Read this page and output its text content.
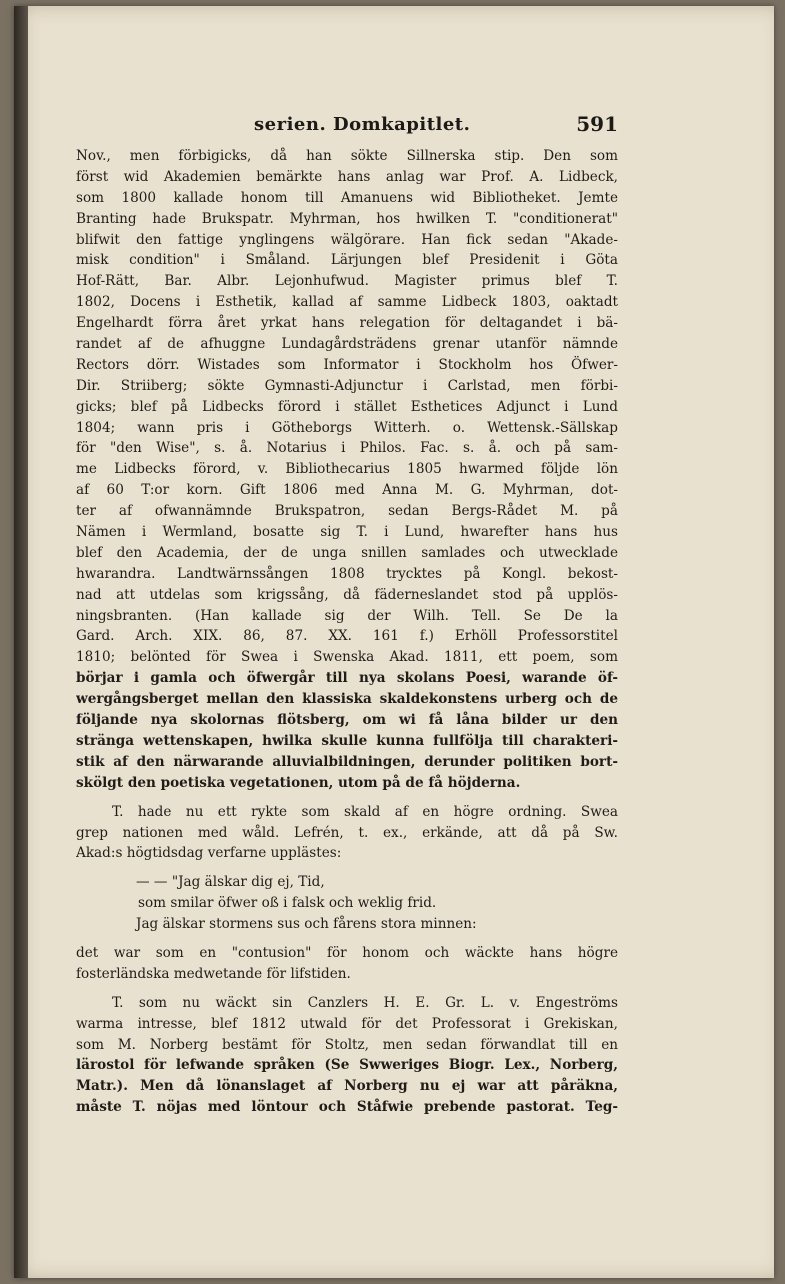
serien. Domkapitlet.	591
Nov., men förbigicks, då han sökte Sillnerska stip. Den som
först wid Akademien bemärkte hans anlag war Prof. A. Lidbeck,
som 1800 kallade honom till Amanuens wid Bibliotheket. Jemte
Branting hade Brukspatr. Myhrman, hos hwilken T. "conditionerat"
blifwit den fattige ynglingens wälgörare. Han fick sedan "Akade-
misk condition" i Småland. Lärjungen blef Presidenit i Göta
Hof-Rätt, Bar. Albr. Lejonhufwud. Magister primus blef T.
1802, Docens i Esthetik, kallad af samme Lidbeck 1803, oaktadt
Engelhardt förra året yrkat hans relegation för deltagandet i bä-
randet af de afhuggne Lundagårdsträdens grenar utanför nämnde
Rectors dörr. Wistades som Informator i Stockholm hos Öfwer-
Dir. Striiberg; sökte Gymnasti-Adjunctur i Carlstad, men förbi-
gicks; blef på Lidbecks förord i stället Esthetices Adjunct i Lund
1804; wann pris i Götheborgs Witterh. o. Wettensk.-Sällskap
för "den Wise", s. å. Notarius i Philos. Fac. s. å. och på sam-
me Lidbecks förord, v. Bibliothecarius 1805 hwarmed följde lön
af 60 T:or korn. Gift 1806 med Anna M. G. Myhrman, dot-
ter af ofwannämnde Brukspatron, sedan Bergs-Rådet M. på
Nämen i Wermland, bosatte sig T. i Lund, hwarefter hans hus
blef den Academia, der de unga snillen samlades och utwecklade
hwarandra. Landtwärnssången 1808 trycktes på Kongl. bekost-
nad att utdelas som krigssång, då fäderneslandet stod på upplös-
ningsbranten. (Han kallade sig der Wilh. Tell. Se De la
Gard. Arch. XIX. 86, 87. XX. 161 f.) Erhöll Professorstitel
1810; belönted för Swea i Swenska Akad. 1811, ett poem, som
börjar i gamla och öfwergår till nya skolans Poesi, warande öf-
wergångsberget mellan den klassiska skaldekonstens urberg och de
följande nya skolornas flötsberg, om wi få låna bilder ur den
stränga wettenskapen, hwilka skulle kunna fullfölja till charakteri-
stik af den närwarande alluvialbildningen, derunder politiken bort-
skölgt den poetiska vegetationen, utom på de få höjderna.
T. hade nu ett rykte som skald af en högre ordning. Swea
grep nationen med wåld. Lefrén, t. ex., erkände, att då på Sw.
Akad:s högtidsdag verfarne upplästes:
— — "Jag älskar dig ej, Tid,
som smilar öfwer oß i falsk och weklig frid.
Jag älskar stormens sus och fårens stora minnen:
det war som en "contusion" för honom och wäckte hans högre
fosterländska medwetande för lifstiden.
T. som nu wäckt sin Canzlers H. E. Gr. L. v. Engeströms
warma intresse, blef 1812 utwald för det Professorat i Grekiskan,
som M. Norberg bestämt för Stoltz, men sedan förwandlat till en
lärostol för lefwande språken (Se Swweriges Biogr. Lex., Norberg,
Matr.). Men då lönanslaget af Norberg nu ej war att påräkna,
måste T. nöjas med löntour och Ståfwie prebende pastorat. Teg-
